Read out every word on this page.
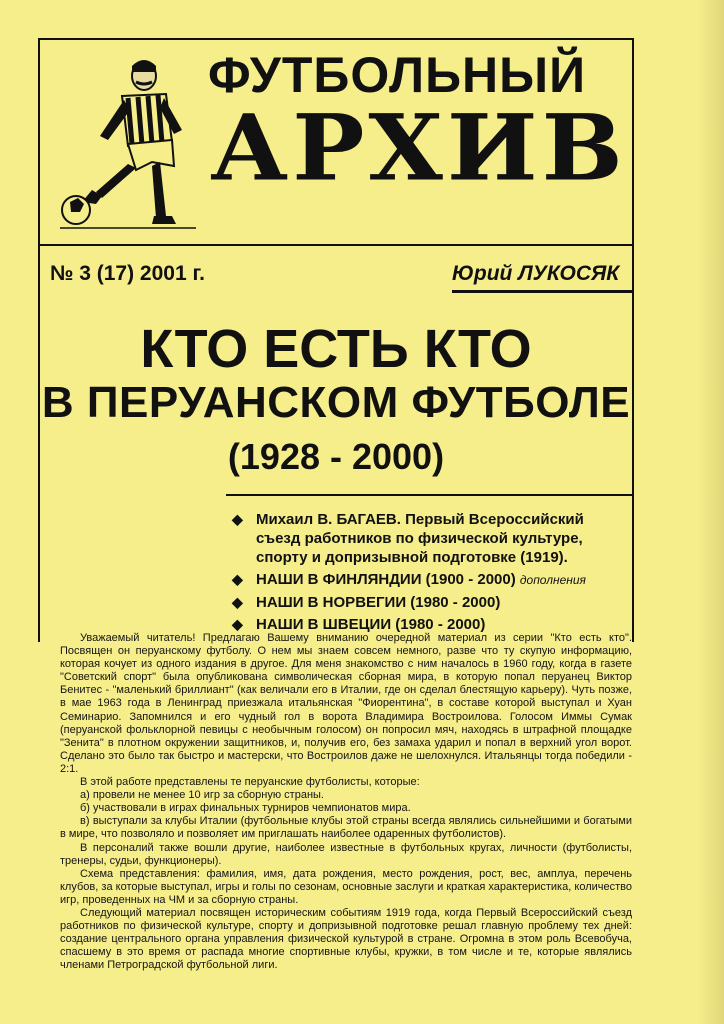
ФУТБОЛЬНЫЙ
АРХИВ
№ 3 (17) 2001 г.	Юрий ЛУКОСЯК
КТО ЕСТЬ КТО
В ПЕРУАНСКОМ ФУТБОЛЕ
(1928 - 2000)
◆ Михаил В. БАГАЕВ. Первый Всероссийский съезд работников по физической культуре, спорту и допризывной подготовке (1919).
◆ НАШИ В ФИНЛЯНДИИ (1900 - 2000) дополнения
◆ НАШИ В НОРВЕГИИ (1980 - 2000)
◆ НАШИ В ШВЕЦИИ (1980 - 2000)

Уважаемый читатель! Предлагаю Вашему вниманию очередной материал из серии "Кто есть кто". Посвящен он перуанскому футболу. О нем мы знаем совсем немного, разве что ту скупую информацию, которая кочует из одного издания в другое. Для меня знакомство с ним началось в 1960 году, когда в газете "Советский спорт" была опубликована символическая сборная мира, в которую попал перуанец Виктор Бенитес - "маленький бриллиант" (как величали его в Италии, где он сделал блестящую карьеру). Чуть позже, в мае 1963 года в Ленинград приезжала итальянская "Фиорентина", в составе которой выступал и Хуан Семинарио. Запомнился и его чудный гол в ворота Владимира Востроилова. Голосом Иммы Сумак (перуанской фольклорной певицы с необычным голосом) он попросил мяч, находясь в штрафной площадке "Зенита" в плотном окружении защитников, и, получив его, без замаха ударил и попал в верхний угол ворот. Сделано это было так быстро и мастерски, что Востроилов даже не шелохнулся. Итальянцы тогда победили - 2:1.

В этой работе представлены те перуанские футболисты, которые:

а) провели не менее 10 игр за сборную страны.

б) участвовали в играх финальных турниров чемпионатов мира.

в) выступали за клубы Италии (футбольные клубы этой страны всегда являлись сильнейшими и богатыми в мире, что позволяло и позволяет им приглашать наиболее одаренных футболистов).

В персоналий также вошли другие, наиболее известные в футбольных кругах, личности (футболисты, тренеры, судьи, функционеры).

Схема представления: фамилия, имя, дата рождения, место рождения, рост, вес, амплуа, перечень клубов, за которые выступал, игры и голы по сезонам, основные заслуги и краткая характеристика, количество игр, проведенных на ЧМ и за сборную страны.

Следующий материал посвящен историческим событиям 1919 года, когда Первый Всероссийский съезд работников по физической культуре, спорту и допризывной подготовке решал главную проблему тех дней: создание центрального органа управления физической культурой в стране. Огромна в этом роль Всевобуча, спасшему в это время от распада многие спортивные клубы, кружки, в том числе и те, которые являлись членами Петроградской футбольной лиги.
